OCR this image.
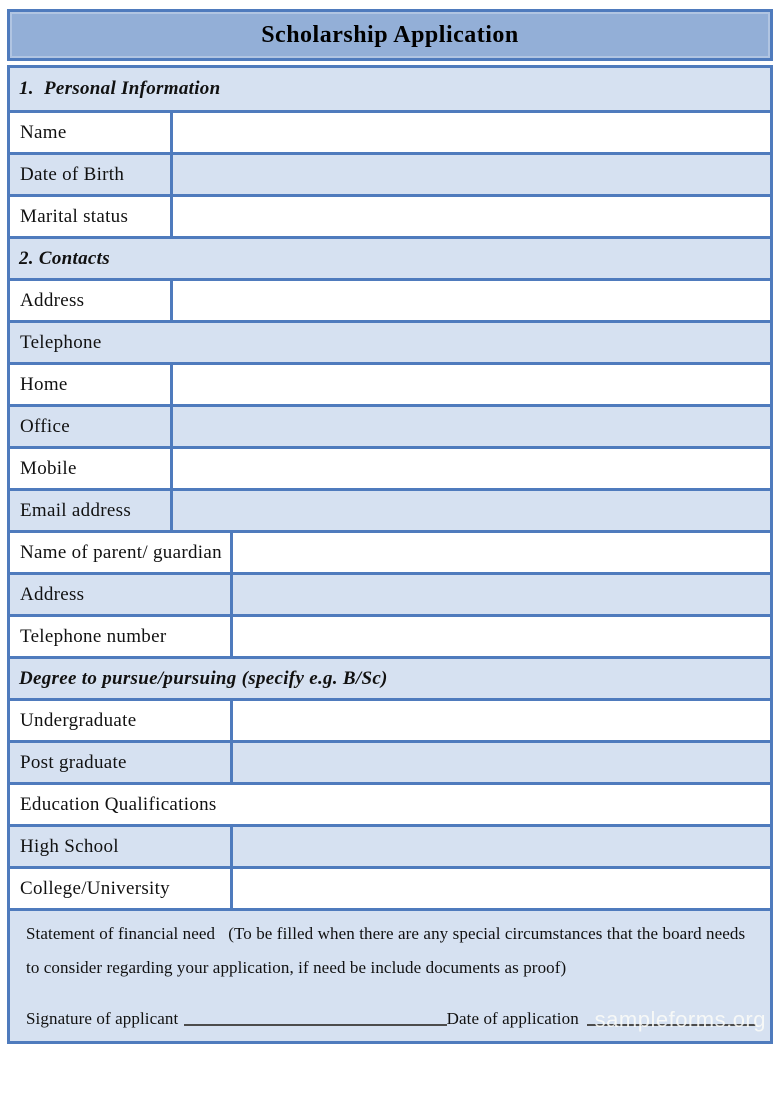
Scholarship Application
1.  Personal Information
Name
Date of Birth
Marital status
2. Contacts
Address
Telephone
Home
Office
Mobile
Email address
Name of parent/ guardian
Address
Telephone number
Degree to pursue/pursuing (specify e.g. B/Sc)
Undergraduate
Post graduate
Education Qualifications
High School
College/University

Statement of financial need   (To be filled when there are any special circumstances that the board needs to consider regarding your application, if need be include documents as proof)

Signature of applicant	Date of application sampleforms.org
